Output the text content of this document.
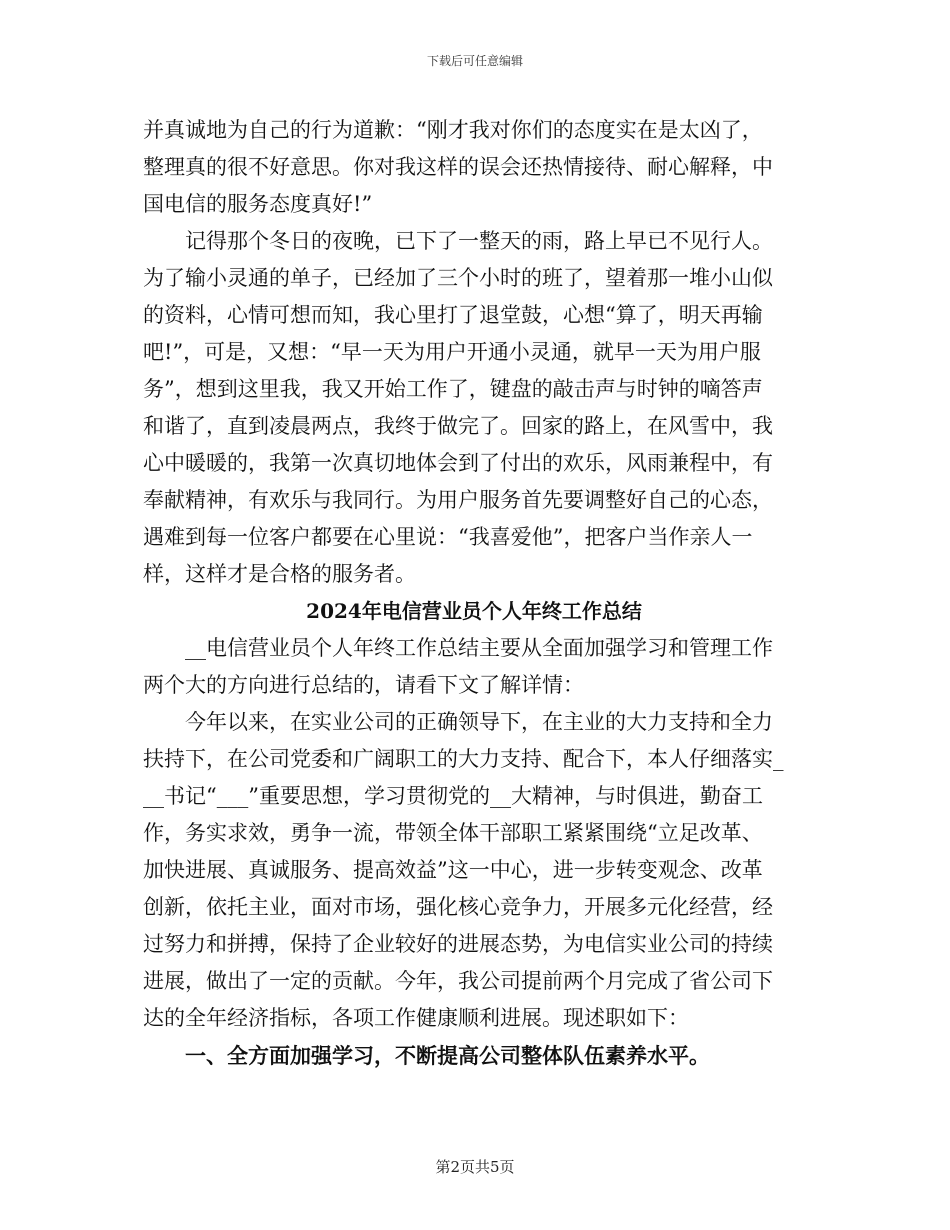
下载后可任意编辑
并真诚地为自己的行为道歉：“刚才我对你们的态度实在是太凶了，
整理真的很不好意思。你对我这样的误会还热情接待、耐心解释，中
国电信的服务态度真好!”
记得那个冬日的夜晚，已下了一整天的雨，路上早已不见行人。
为了输小灵通的单子，已经加了三个小时的班了，望着那一堆小山似
的资料，心情可想而知，我心里打了退堂鼓，心想“算了，明天再输
吧!”，可是，又想：“早一天为用户开通小灵通，就早一天为用户服
务”，想到这里我，我又开始工作了，键盘的敲击声与时钟的嘀答声
和谐了，直到凌晨两点，我终于做完了。回家的路上，在风雪中，我
心中暖暖的，我第一次真切地体会到了付出的欢乐，风雨兼程中，有
奉献精神，有欢乐与我同行。为用户服务首先要调整好自己的心态，
遇难到每一位客户都要在心里说：“我喜爱他”，把客户当作亲人一
样，这样才是合格的服务者。
2024年电信营业员个人年终工作总结
__电信营业员个人年终工作总结主要从全面加强学习和管理工作
两个大的方向进行总结的，请看下文了解详情：
今年以来，在实业公司的正确领导下，在主业的大力支持和全力
扶持下，在公司党委和广阔职工的大力支持、配合下，本人仔细落实_
__书记“___”重要思想，学习贯彻党的__大精神，与时俱进，勤奋工
作，务实求效，勇争一流，带领全体干部职工紧紧围绕“立足改革、
加快进展、真诚服务、提高效益”这一中心，进一步转变观念、改革
创新，依托主业，面对市场，强化核心竞争力，开展多元化经营，经
过努力和拼搏，保持了企业较好的进展态势，为电信实业公司的持续
进展，做出了一定的贡献。今年，我公司提前两个月完成了省公司下
达的全年经济指标，各项工作健康顺利进展。现述职如下：
一、全方面加强学习，不断提高公司整体队伍素养水平。
第2页共5页
